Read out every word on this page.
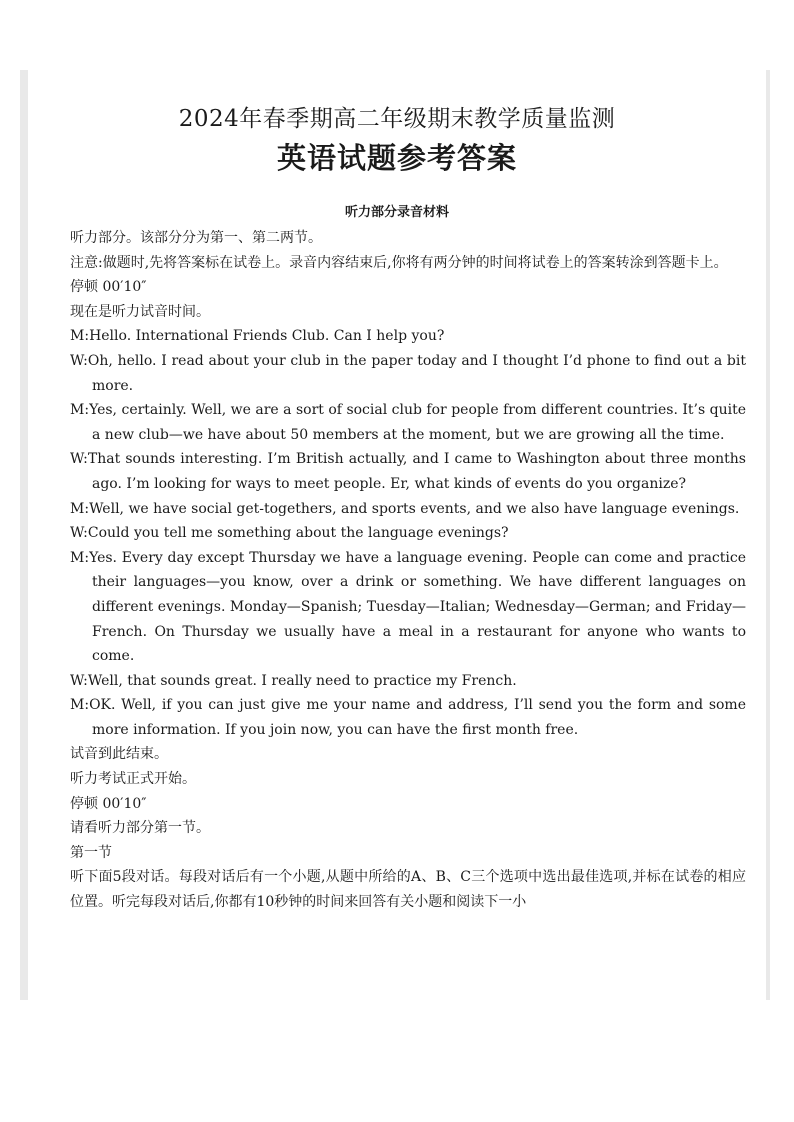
2024年春季期高二年级期末教学质量监测
英语试题参考答案
听力部分录音材料

听力部分。该部分分为第一、第二两节。

注意:做题时,先将答案标在试卷上。录音内容结束后,你将有两分钟的时间将试卷上的答案转涂到答题卡上。

停顿 00′10″

现在是听力试音时间。

M:Hello. International Friends Club. Can I help you?

W:Oh, hello. I read about your club in the paper today and I thought I’d phone to find out a bit more.

M:Yes, certainly. Well, we are a sort of social club for people from different countries. It’s quite a new club—we have about 50 members at the moment, but we are growing all the time.

W:That sounds interesting. I’m British actually, and I came to Washington about three months ago. I’m looking for ways to meet people. Er, what kinds of events do you organize?

M:Well, we have social get-togethers, and sports events, and we also have language evenings.

W:Could you tell me something about the language evenings?

M:Yes. Every day except Thursday we have a language evening. People can come and practice their languages—you know, over a drink or something. We have different languages on different evenings. Monday—Spanish; Tuesday—Italian; Wednesday—German; and Friday—French. On Thursday we usually have a meal in a restaurant for anyone who wants to come.

W:Well, that sounds great. I really need to practice my French.

M:OK. Well, if you can just give me your name and address, I’ll send you the form and some more information. If you join now, you can have the first month free.

试音到此结束。

听力考试正式开始。

停顿 00′10″

请看听力部分第一节。

第一节

听下面5段对话。每段对话后有一个小题,从题中所给的A、B、C三个选项中选出最佳选项,并标在试卷的相应位置。听完每段对话后,你都有10秒钟的时间来回答有关小题和阅读下一小
